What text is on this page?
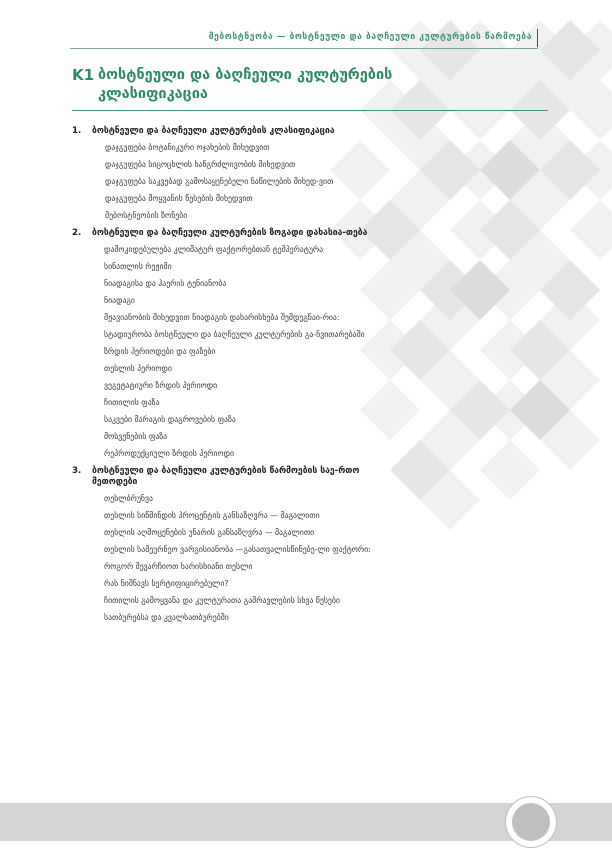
მებოსტნეობა — ბოსტნეული და ბაღჩეული კულტურების წარმოება
K1 ბოსტნეული და ბაღჩეული კულტურების კლასიფიკაცია
1.	ბოსტნეული და ბაღჩეული კულტურების კლასიფიკაცია
დაჯგუფება ბოტანიკური ოჯახების მიხედვით
დაჯგუფება სიცოცხლის ხანგრძლივობის მიხედვით
დაჯგუფება საკვებად გამოსაყენებელი ნაწილების მიხედ-ვით
დაჯგუფება მოყვანის წესების მიხედვით
მებოსტნეობის ზონები
2.	ბოსტნეული და ბაღჩეული კულტურების ზოგადი დახასია-თება
დამოკიდებულება კლიმატურ ფაქტორებთან ტემპერატურა
სინათლის რეჟიმი
ნიადაგისა და ჰაერის ტენიანობა
ნიადაგი
მჟავიანობის მიხედვით ნიადაგის დახარისხება შემდეგნაი-რია:
სტადიურობა ბოსტნეული და ბაღჩეული კულტურების გა-ნვითარებაში
ზრდის პერიოდები და ფაზები
თესლის პერიოდი
ვეგეტატიური ზრდის პერიოდი
ჩითილის ფაზა
საკვები მარაგის დაგროვების ფაზა
მოსვენების ფაზა
რეპროდუქციული ზრდის პერიოდი
3.	ბოსტნეული და ბაღჩეული კულტურების წარმოების საე-რთო მეთოდები
თესლბრუნვა
თესლის სიწმინდის პროცენტის განსაზღვრა — მაგალითი
თესლის აღმოცენების უნარის განსაზღვრა — მაგალითი
თესლის სამეურნეო ვარგისიანობა —გასათვალისწინებე-ლი ფაქტორი:
როგორ შევარჩიოთ ხარისხიანი თესლი
რას ნიშნავს სერტიფიცირებული?
ჩითილის გამოყვანა და კულტურათა გამრავლების სხვა წესები
სათბურებსა და კვალსათბურებში
